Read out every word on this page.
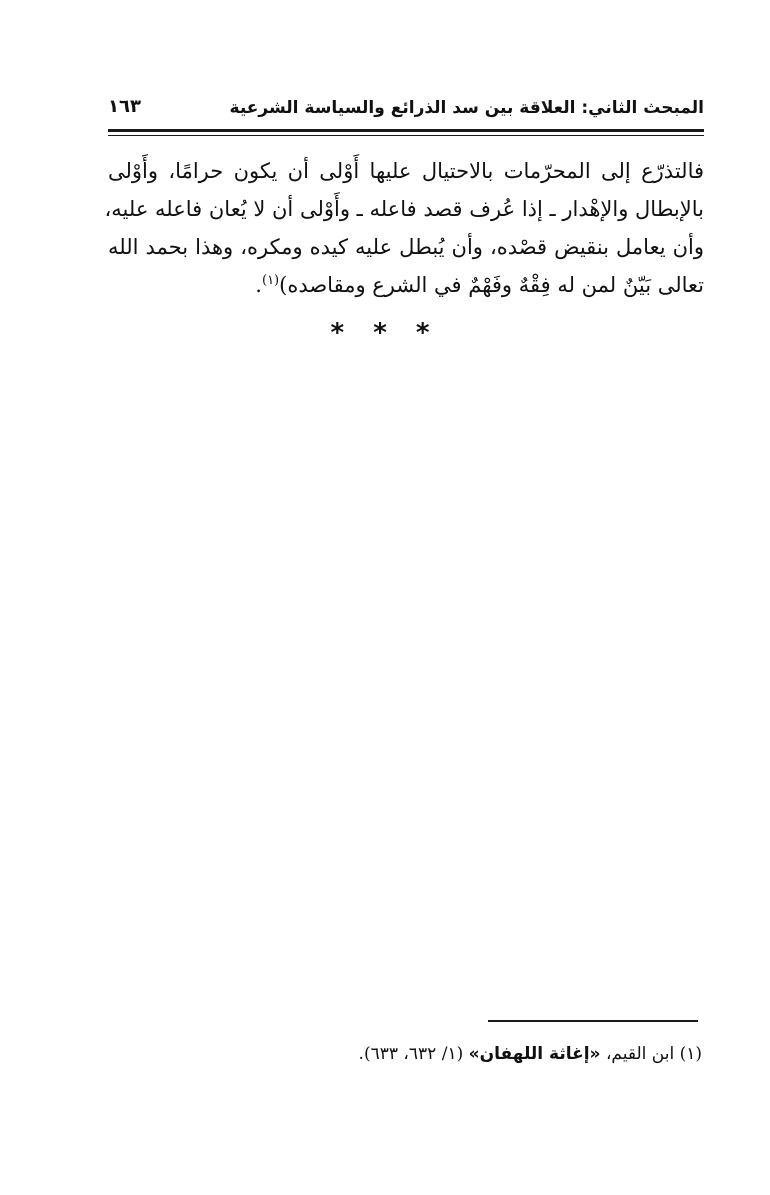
المبحث الثاني: العلاقة بين سد الذرائع والسياسة الشرعية
١٦٣
فالتذرّع إلى المحرّمات بالاحتيال عليها أَوْلى أن يكون حرامًا، وأَوْلى
بالإبطال والإهْدار ـ إذا عُرف قصد فاعله ـ وأَوْلى أن لا يُعان فاعله عليه،
وأن يعامل بنقيض قصْده، وأن يُبطل عليه كيده ومكره، وهذا بحمد الله
تعالى بَيّنٌ لمن له فِقْهٌ وفَهْمٌ في الشرع ومقاصده)$^{(١)}$.
* * *
(١) ابن القيم، «إغاثة اللهفان» (١/ ٦٣٢، ٦٣٣).
